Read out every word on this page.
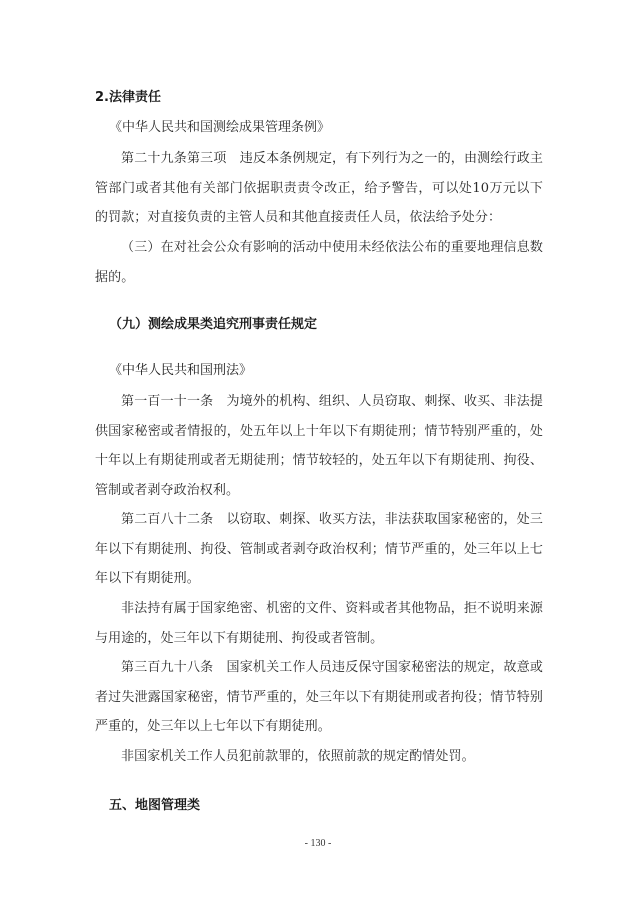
2.法律责任
《中华人民共和国测绘成果管理条例》
第二十九条第三项　违反本条例规定，有下列行为之一的，由测绘行政主管部门或者其他有关部门依据职责责令改正，给予警告，可以处10万元以下的罚款；对直接负责的主管人员和其他直接责任人员，依法给予处分：
（三）在对社会公众有影响的活动中使用未经依法公布的重要地理信息数据的。
（九）测绘成果类追究刑事责任规定
《中华人民共和国刑法》
第一百一十一条　为境外的机构、组织、人员窃取、刺探、收买、非法提供国家秘密或者情报的，处五年以上十年以下有期徒刑；情节特别严重的，处十年以上有期徒刑或者无期徒刑；情节较轻的，处五年以下有期徒刑、拘役、管制或者剥夺政治权利。
第二百八十二条　以窃取、刺探、收买方法，非法获取国家秘密的，处三年以下有期徒刑、拘役、管制或者剥夺政治权利；情节严重的，处三年以上七年以下有期徒刑。
非法持有属于国家绝密、机密的文件、资料或者其他物品，拒不说明来源与用途的，处三年以下有期徒刑、拘役或者管制。
第三百九十八条　国家机关工作人员违反保守国家秘密法的规定，故意或者过失泄露国家秘密，情节严重的，处三年以下有期徒刑或者拘役；情节特别严重的，处三年以上七年以下有期徒刑。
非国家机关工作人员犯前款罪的，依照前款的规定酌情处罚。
五、地图管理类
- 130 -
